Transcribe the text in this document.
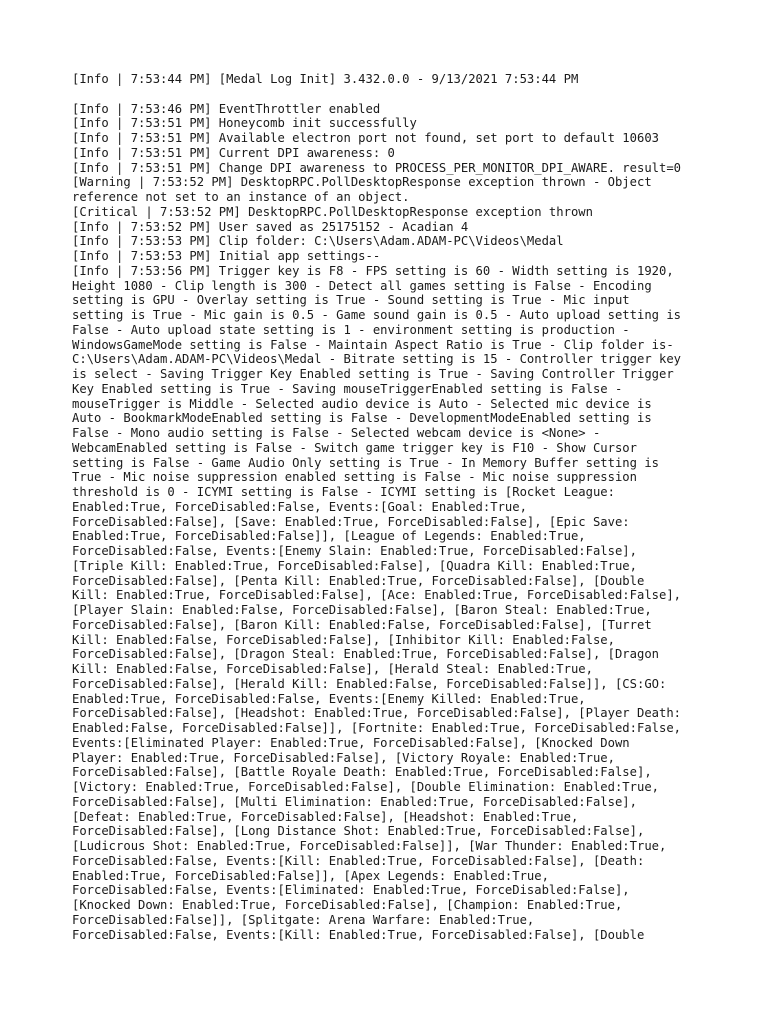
[Info | 7:53:44 PM] [Medal Log Init] 3.432.0.0 - 9/13/2021 7:53:44 PM
[Info | 7:53:46 PM] EventThrottler enabled
[Info | 7:53:51 PM] Honeycomb init successfully
[Info | 7:53:51 PM] Available electron port not found, set port to default 10603
[Info | 7:53:51 PM] Current DPI awareness: 0
[Info | 7:53:51 PM] Change DPI awareness to PROCESS_PER_MONITOR_DPI_AWARE. result=0
[Warning | 7:53:52 PM] DesktopRPC.PollDesktopResponse exception thrown - Object
reference not set to an instance of an object.
[Critical | 7:53:52 PM] DesktopRPC.PollDesktopResponse exception thrown
[Info | 7:53:52 PM] User saved as 25175152 - Acadian 4
[Info | 7:53:53 PM] Clip folder: C:\Users\Adam.ADAM-PC\Videos\Medal
[Info | 7:53:53 PM] Initial app settings--
[Info | 7:53:56 PM] Trigger key is F8 - FPS setting is 60 - Width setting is 1920,
Height 1080 - Clip length is 300 - Detect all games setting is False - Encoding
setting is GPU - Overlay setting is True - Sound setting is True - Mic input
setting is True - Mic gain is 0.5 - Game sound gain is 0.5 - Auto upload setting is
False - Auto upload state setting is 1 - environment setting is production -
WindowsGameMode setting is False - Maintain Aspect Ratio is True - Clip folder is-
C:\Users\Adam.ADAM-PC\Videos\Medal - Bitrate setting is 15 - Controller trigger key
is select - Saving Trigger Key Enabled setting is True - Saving Controller Trigger
Key Enabled setting is True - Saving mouseTriggerEnabled setting is False -
mouseTrigger is Middle - Selected audio device is Auto - Selected mic device is
Auto - BookmarkModeEnabled setting is False - DevelopmentModeEnabled setting is
False - Mono audio setting is False - Selected webcam device is <None> -
WebcamEnabled setting is False - Switch game trigger key is F10 - Show Cursor
setting is False - Game Audio Only setting is True - In Memory Buffer setting is
True - Mic noise suppression enabled setting is False - Mic noise suppression
threshold is 0 - ICYMI setting is False - ICYMI setting is [Rocket League:
Enabled:True, ForceDisabled:False, Events:[Goal: Enabled:True,
ForceDisabled:False], [Save: Enabled:True, ForceDisabled:False], [Epic Save:
Enabled:True, ForceDisabled:False]], [League of Legends: Enabled:True,
ForceDisabled:False, Events:[Enemy Slain: Enabled:True, ForceDisabled:False],
[Triple Kill: Enabled:True, ForceDisabled:False], [Quadra Kill: Enabled:True,
ForceDisabled:False], [Penta Kill: Enabled:True, ForceDisabled:False], [Double
Kill: Enabled:True, ForceDisabled:False], [Ace: Enabled:True, ForceDisabled:False],
[Player Slain: Enabled:False, ForceDisabled:False], [Baron Steal: Enabled:True,
ForceDisabled:False], [Baron Kill: Enabled:False, ForceDisabled:False], [Turret
Kill: Enabled:False, ForceDisabled:False], [Inhibitor Kill: Enabled:False,
ForceDisabled:False], [Dragon Steal: Enabled:True, ForceDisabled:False], [Dragon
Kill: Enabled:False, ForceDisabled:False], [Herald Steal: Enabled:True,
ForceDisabled:False], [Herald Kill: Enabled:False, ForceDisabled:False]], [CS:GO:
Enabled:True, ForceDisabled:False, Events:[Enemy Killed: Enabled:True,
ForceDisabled:False], [Headshot: Enabled:True, ForceDisabled:False], [Player Death:
Enabled:False, ForceDisabled:False]], [Fortnite: Enabled:True, ForceDisabled:False,
Events:[Eliminated Player: Enabled:True, ForceDisabled:False], [Knocked Down
Player: Enabled:True, ForceDisabled:False], [Victory Royale: Enabled:True,
ForceDisabled:False], [Battle Royale Death: Enabled:True, ForceDisabled:False],
[Victory: Enabled:True, ForceDisabled:False], [Double Elimination: Enabled:True,
ForceDisabled:False], [Multi Elimination: Enabled:True, ForceDisabled:False],
[Defeat: Enabled:True, ForceDisabled:False], [Headshot: Enabled:True,
ForceDisabled:False], [Long Distance Shot: Enabled:True, ForceDisabled:False],
[Ludicrous Shot: Enabled:True, ForceDisabled:False]], [War Thunder: Enabled:True,
ForceDisabled:False, Events:[Kill: Enabled:True, ForceDisabled:False], [Death:
Enabled:True, ForceDisabled:False]], [Apex Legends: Enabled:True,
ForceDisabled:False, Events:[Eliminated: Enabled:True, ForceDisabled:False],
[Knocked Down: Enabled:True, ForceDisabled:False], [Champion: Enabled:True,
ForceDisabled:False]], [Splitgate: Arena Warfare: Enabled:True,
ForceDisabled:False, Events:[Kill: Enabled:True, ForceDisabled:False], [Double
